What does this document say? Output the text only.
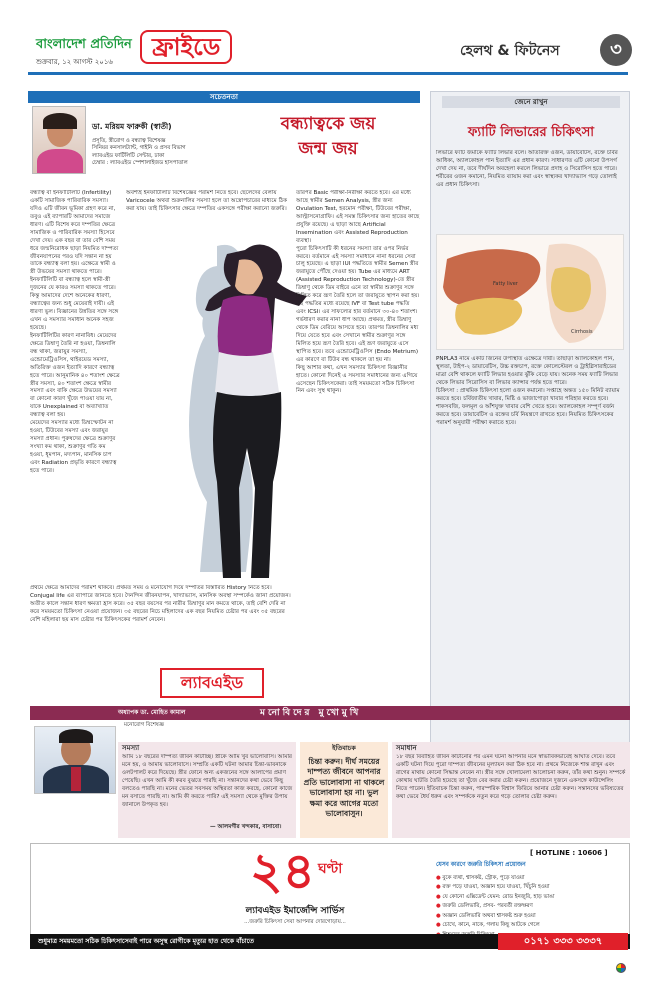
বাংলাদেশ প্রতিদিন
শুক্রবার, ১২ আগস্ট ২০১৬
ফ্রাইডে	হেলথ & ফিটনেস	৩
সচেতনতা
ডা. মরিয়ম ফারুকী (স্বাতী)
প্রসূতি, স্ত্রীরোগ ও বন্ধ্যাত্ব বিশেষজ্ঞ
সিনিয়র কনসালট্যান্ট, গাইনি ও প্রসব বিভাগ
ল্যাবএইড ফার্টিলিটি সেন্টার, ঢাকা
চেম্বার : ল্যাবএইড স্পেশালাইজড হাসপাতাল
বন্ধ্যাত্বকে জয়
জন্ম জয়
বন্ধ্যাত্ব বা ইনফার্টিলিটি (Infertility) একটি সামাজিক পারিবারিক সমস্যা। যদিও এটি জীবন ভূমিকা গ্রহণ করে না, তবুও এই ব্যাপারটি আমাদের সমাজে ধারণ। এটি বিশেষ করে দম্পতির ক্ষেত্রে সামাজিক ও পারিবারিক সমস্যা হিসেবে দেখা দেয়। এক বছর বা তার বেশি সময় ধরে জন্মনিরোধক ছাড়া নিয়মিত দাম্পত্য জীবনযাপনের পরও যদি সন্তান না হয় তাকে বন্ধ্যাত্ব বলা হয়। এক্ষেত্রে স্বামী ও স্ত্রী উভয়ের সমস্যা থাকতে পারে।
ইনফার্টিলিটি বা বন্ধ্যাত্ব হলে স্বামী-স্ত্রী দুজনের যে কারও সমস্যা থাকতে পারে। কিন্তু আমাদের দেশে অনেকের ধারণা, বন্ধ্যাত্বের জন্য শুধু মেয়েরাই দায়ী। এই ধারণা ভুল। বিজ্ঞানের উন্নতির সঙ্গে সঙ্গে এখন এ সমস্যার সমাধান অনেক সহজ হয়েছে।
ইনফার্টিলিটির কারণ নানাবিধ। মেয়েদের ক্ষেত্রে ডিম্বাণু তৈরি না হওয়া, ডিম্বনালি বন্ধ থাকা, জরায়ুর সমস্যা, এন্ডোমেট্রিওসিস, থাইরয়েড সমস্যা, অতিরিক্ত ওজন ইত্যাদি কারণে বন্ধ্যাত্ব হতে পারে। আনুমানিক ৪০ শতাংশ ক্ষেত্রে স্ত্রীর সমস্যা, ৪০ শতাংশ ক্ষেত্রে স্বামীর সমস্যা এবং বাকি ক্ষেত্রে উভয়ের সমস্যা বা কোনো কারণ খুঁজে পাওয়া যায় না, যাকে Unexplained বা অব্যাখ্যাত বন্ধ্যাত্ব বলা হয়।
মেয়েদের সমস্যার মধ্যে ডিম্বস্ফোটন না হওয়া, টিউবের সমস্যা এবং জরায়ুর সমস্যা প্রধান। পুরুষদের ক্ষেত্রে শুক্রাণুর সংখ্যা কম থাকা, শুক্রাণুর গতি কম হওয়া, ধূমপান, মদ্যপান, মানসিক চাপ এবং Radiation প্রভৃতি কারণে বন্ধ্যাত্ব হতে পারে।
অবশ্যই ইনফার্টিলিটি বিশেষজ্ঞের পরামর্শ নিতে হবে। ছেলেদের বেলায় Varicocele অথবা শুক্রনালির সমস্যা হলে তা অস্ত্রোপচারের মাধ্যমে ঠিক করা যায়। তাই চিকিৎসার ক্ষেত্রে দম্পতির একসঙ্গে পরীক্ষা করানো জরুরি।
প্রথমে ক্ষেত্রে আমাদের পরামর্শ থাকবে। প্রথমত সময় ও মনোযোগ দিয়ে দম্পতির বিস্তারিত History নিতে হবে। Conjugal life এর ব্যাপারে জানতে হবে। দৈনন্দিন জীবনযাপন, খাদ্যাভ্যাস, মানসিক অবস্থা সম্পর্কেও জানা প্রয়োজন।
অতীত কালে সন্তান ধারণ ক্ষমতা হ্রাস করে। ৩৫ বছর বয়সের পর নারীর ডিম্বাণুর মান কমতে থাকে, তাই বেশি দেরি না করে সময়মতো চিকিৎসা নেওয়া প্রয়োজন। ৩৫ বছরের নিচে মহিলাদের এক বছর নিয়মিত চেষ্টার পর এবং ৩৫ বছরের বেশি মহিলারা ছয় মাস চেষ্টার পর চিকিৎসকের পরামর্শ নেবেন।
তারপর Basic পরীক্ষা-নিরীক্ষা করতে হবে। এর মধ্যে আছে স্বামীর Semen Analysis, স্ত্রীর জন্য Ovulation Test, হরমোন পরীক্ষা, টিউবের পরীক্ষা, আল্ট্রাসনোগ্রাফি। এই সমস্ত চিকিৎসার জন্য হাতের কাছে প্রযুক্তি রয়েছে। এ ছাড়া আছে Artificial Insemination এবং Assisted Reproduction ব্যবস্থা।
পুরো চিকিৎসাটি কী ধরনের সমস্যা তার ওপর নির্ভর করবে। বর্তমানে এই সমস্যা সমাধানে নানা ধরনের সেবা চালু হয়েছে। এ ছাড়া IUI পদ্ধতিতে স্বামীর Semen স্ত্রীর জরায়ুতে পৌঁছে দেওয়া হয়। Tube এর মাধ্যমে ART (Assisted Reproduction Technology)-তে স্ত্রীর ডিম্বাণু থেকে ডিম বাইরে এনে তা স্বামীর শুক্রাণুর সঙ্গে মিলিত করে ভ্রূণ তৈরি হলে তা জরায়ুতে স্থাপন করা হয়। এই পদ্ধতির মধ্যে রয়েছে IVF বা Test tube পদ্ধতি এবং ICSI। এর সাফল্যের হার বর্তমানে ৩০-৪০ শতাংশ।
গর্ভধারণ করার নানা ধাপ আছে। প্রথমত, স্ত্রীর ডিম্বাণু থেকে ডিম বেরিয়ে আসতে হবে। তারপর ডিম্বনালির মধ্য দিয়ে যেতে হবে এবং সেখানে স্বামীর শুক্রাণুর সঙ্গে মিলিত হয়ে ভ্রূণ তৈরি হবে। এই ভ্রূণ জরায়ুতে এসে স্থাপিত হবে। তবে এন্ডোমেট্রিওসিস (Endo Metrium) এর কারণে বা টিউব বন্ধ থাকলে তা হয় না।
কিছু আশার কথা, এখন সমস্যার চিকিৎসা বিজ্ঞানীর হাতে। কোনো দিনেই এ সমস্যার সমাধানের জন্য এগিয়ে এসেছেন চিকিৎসকেরা। তাই সময়মতো সঠিক চিকিৎসা নিন এবং সুস্থ থাকুন।
ল্যাবএইড
জেনে রাখুন
ফ্যাটি লিভারের চিকিৎসা
লিভারে ফ্যাট জমাকে ফ্যাটি লিভার বলে। অতিরিক্ত ওজন, ডায়াবেটিস, রক্তে চর্বির আধিক্য, অ্যালকোহল পান ইত্যাদি এর প্রধান কারণ। সাধারণত এটি কোনো উপসর্গ দেখা দেয় না, তবে দীর্ঘদিন অবহেলা করলে লিভারে প্রদাহ ও সিরোসিস হতে পারে। শরীরের ওজন কমানো, নিয়মিত ব্যায়াম করা এবং স্বাস্থ্যকর খাদ্যাভ্যাস গড়ে তোলাই এর প্রধান চিকিৎসা।
Fatty liver
Cirrhosis
PNPLA3 নামে একটি জিনের উপস্থিতি এক্ষেত্রে দায়ী। তাছাড়া অ্যালকোহল পান, স্থূলতা, টাইপ-২ ডায়াবেটিস, উচ্চ রক্তচাপ, রক্তে কোলেস্টেরল ও ট্রাইগ্লিসারাইডের মাত্রা বেশি থাকলে ফ্যাটি লিভার হওয়ার ঝুঁকি বেড়ে যায়। অনেক সময় ফ্যাটি লিভার থেকে লিভার সিরোসিস বা লিভার ক্যান্সার পর্যন্ত হতে পারে।
চিকিৎসা : প্রাথমিক চিকিৎসা হলো ওজন কমানো। সপ্তাহে অন্তত ১৫০ মিনিট ব্যায়াম করতে হবে। চর্বিজাতীয় খাবার, মিষ্টি ও ভাজাপোড়া খাবার পরিহার করতে হবে। শাকসবজি, ফলমূল ও আঁশযুক্ত খাবার বেশি খেতে হবে। অ্যালকোহল সম্পূর্ণ বর্জন করতে হবে। ডায়াবেটিস ও রক্তের চর্বি নিয়ন্ত্রণে রাখতে হবে। নিয়মিত চিকিৎসকের পরামর্শ অনুযায়ী পরীক্ষা করাতে হবে।
মনোবিদের মুখোমুখি
অধ্যাপক ডা. মোহিত কামাল
মনোরোগ বিশেষজ্ঞ
সমস্যা
আমি ১৮ বছরের দাম্পত্য জীবন কাটাচ্ছি। স্ত্রীকে আমি খুব ভালোবাসি। আমার মনে হয়, ও আমায় ভালোবাসে। সম্প্রতি একটি ঘটনা আমার চিন্তা-ভাবনাকে ওলটপালট করে দিয়েছে। স্ত্রীর ফোনে অন্য একজনের সঙ্গে আলাপের প্রমাণ পেয়েছি। এখন আমি কী করব বুঝতে পারছি না। সন্তানদের কথা ভেবে কিছু বলতেও পারছি না। মনের ভেতর সবসময় অস্থিরতা কাজ করছে, কোনো কাজে মন বসাতে পারছি না। আমি কী করতে পারি? এই সমস্যা থেকে মুক্তির উপায় জানালে উপকৃত হব।
— আলমগীর খন্দকার, বাসাবো।
ইতিবাচক
চিন্তা করুন। দীর্ঘ সময়ের দাম্পত্য জীবনে আপনার প্রতি ভালোবাসা না থাকলে ভালোবাসা হয় না। ভুল ক্ষমা করে আগের মতো ভালোবাসুন।
সমাধান
১৮ বছর বিবাহিত জীবন কাটানোর পর এমন ঘটনা আপনার মনে স্বাভাবিকভাবেই আঘাত দেবে। তবে একটি ঘটনা দিয়ে পুরো দাম্পত্য জীবনের মূল্যায়ন করা ঠিক হবে না। প্রথমে নিজেকে শান্ত রাখুন এবং রাগের মাথায় কোনো সিদ্ধান্ত নেবেন না। স্ত্রীর সঙ্গে খোলামেলা আলোচনা করুন, তাঁর কথা শুনুন। সম্পর্কে কোথায় ঘাটতি তৈরি হয়েছে তা খুঁজে বের করার চেষ্টা করুন। প্রয়োজনে দুজনে একসঙ্গে কাউন্সেলিং নিতে পারেন। ইতিবাচক চিন্তা করুন, পারস্পরিক বিশ্বাস ফিরিয়ে আনার চেষ্টা করুন। সন্তানদের ভবিষ্যতের কথা ভেবে ধৈর্য ধরুন এবং সম্পর্ককে নতুন করে গড়ে তোলার চেষ্টা করুন।
২৪ ঘণ্টা
ল্যাবএইড ইমার্জেন্সি সার্ভিস
...জরুরি চিকিৎসা সেবা আপনার দোরগোড়ায়...
[ HOTLINE : 10606 ]
যেসব কারণে জরুরি চিকিৎসা প্রয়োজন
● বুকে ব্যথা, শ্বাসকষ্ট, স্ট্রোক, পুড়ে যাওয়া
● রক্ত পড়ে যাওয়া, অজ্ঞান হয়ে যাওয়া, খিঁচুনি হওয়া
● যে কোনো এক্সিডেন্ট যেমন: রোড ইনজুরি, হাড় ভাঙা
● জরুরি ডেলিভারি, প্রসব- পরবর্তী রক্তক্ষরণ
● অজ্ঞান ডেলিভারি অথবা শ্বাসকষ্ট শুরু হওয়া
● চোখে, কানে, নাকে, গলায় কিছু আটকে গেলে
শুধুমাত্র সময়মতো সঠিক চিকিৎসাসেবাই পারে অসুস্থ রোগীকে মৃত্যুর হাত থেকে বাঁচাতে	০১৭১ ৩৩৩ ৩৩৩৭
